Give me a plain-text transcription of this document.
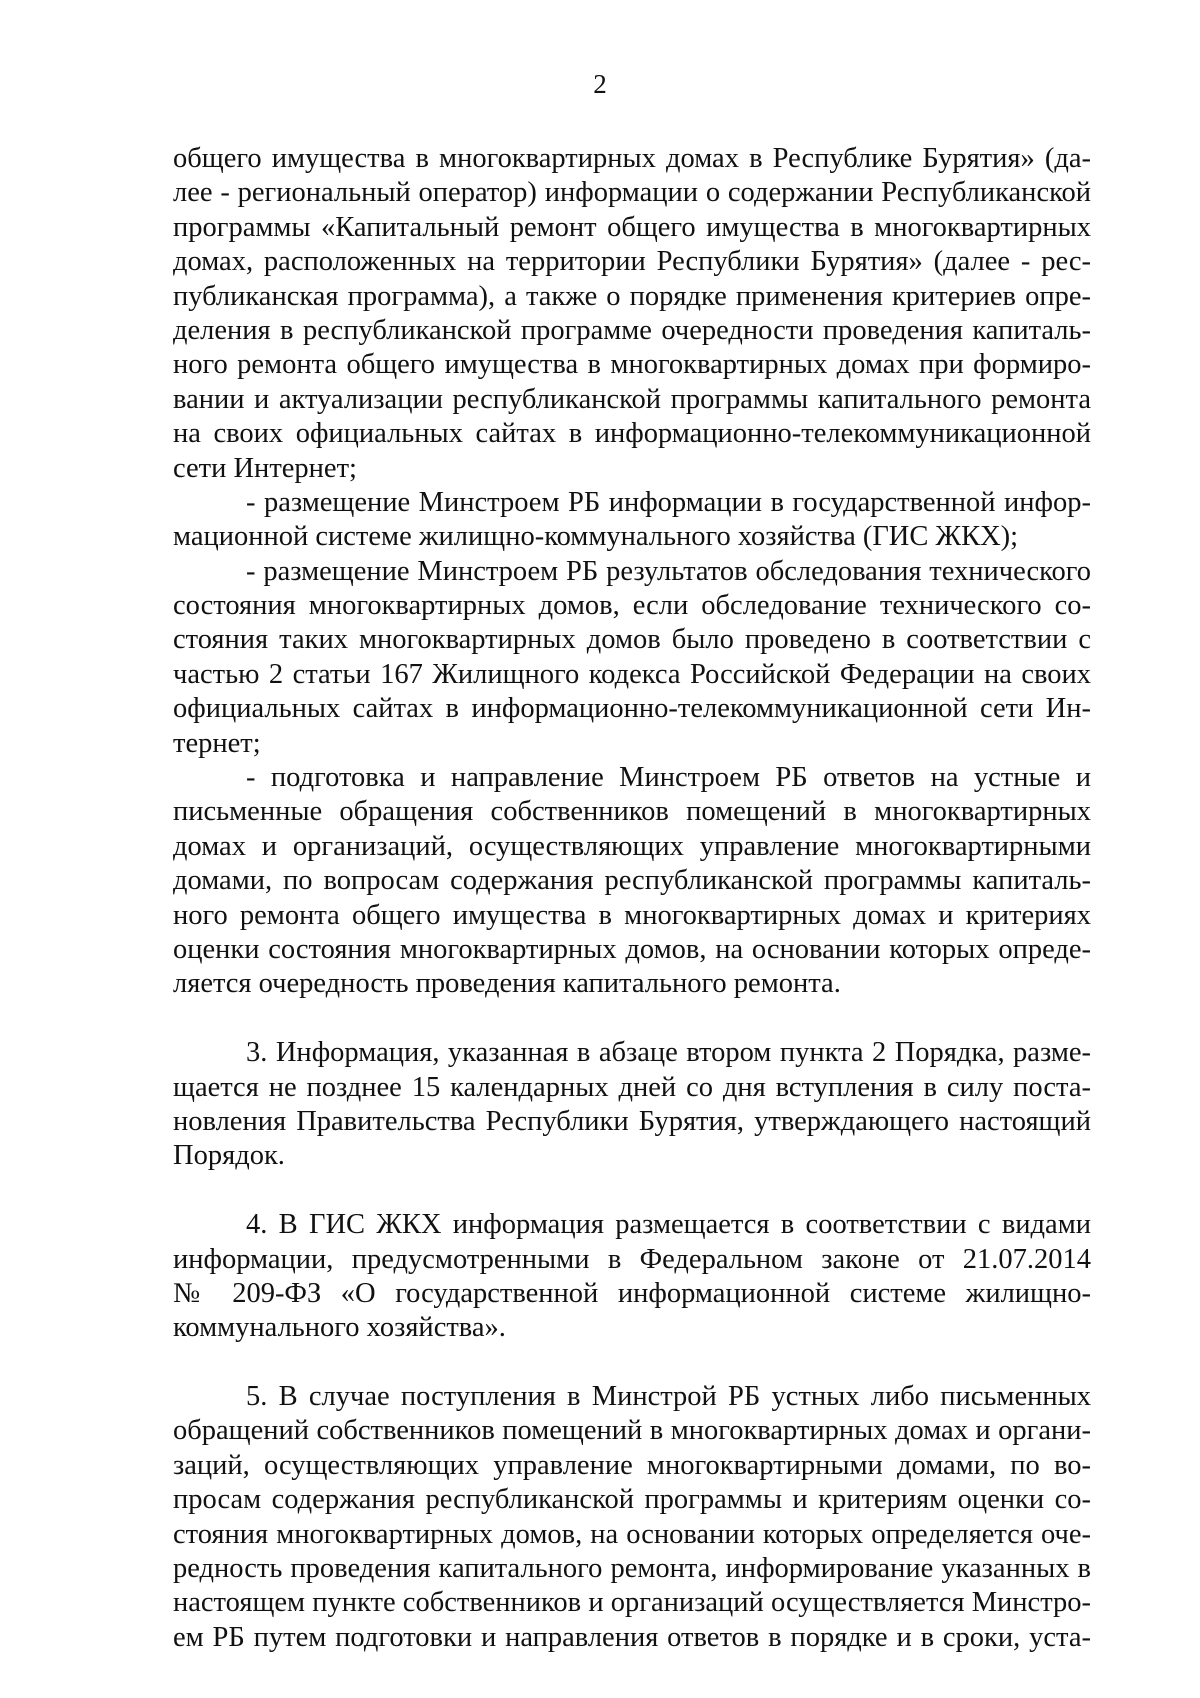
2
общего имущества в многоквартирных домах в Республике Бурятия» (да-
лее - региональный оператор) информации о содержании Республиканской
программы «Капитальный ремонт общего имущества в многоквартирных
домах, расположенных на территории Республики Бурятия» (далее - рес-
публиканская программа), а также о порядке применения критериев опре-
деления в республиканской программе очередности проведения капиталь-
ного ремонта общего имущества в многоквартирных домах при формиро-
вании и актуализации республиканской программы капитального ремонта
на своих официальных сайтах в информационно-телекоммуникационной
сети Интернет;
- размещение Минстроем РБ информации в государственной инфор-
мационной системе жилищно-коммунального хозяйства (ГИС ЖКХ);
- размещение Минстроем РБ результатов обследования технического
состояния многоквартирных домов, если обследование технического со-
стояния таких многоквартирных домов было проведено в соответствии с
частью 2 статьи 167 Жилищного кодекса Российской Федерации на своих
официальных сайтах в информационно-телекоммуникационной сети Ин-
тернет;
- подготовка и направление Минстроем РБ ответов на устные и
письменные обращения собственников помещений в многоквартирных
домах и организаций, осуществляющих управление многоквартирными
домами, по вопросам содержания республиканской программы капиталь-
ного ремонта общего имущества в многоквартирных домах и критериях
оценки состояния многоквартирных домов, на основании которых опреде-
ляется очередность проведения капитального ремонта.
3. Информация, указанная в абзаце втором пункта 2 Порядка, разме-
щается не позднее 15 календарных дней со дня вступления в силу поста-
новления Правительства Республики Бурятия, утверждающего настоящий
Порядок.
4. В ГИС ЖКХ информация размещается в соответствии с видами
информации, предусмотренными в Федеральном законе от 21.07.2014
№ 209-ФЗ «О государственной информационной системе жилищно-
коммунального хозяйства».
5. В случае поступления в Минстрой РБ устных либо письменных
обращений собственников помещений в многоквартирных домах и органи-
заций, осуществляющих управление многоквартирными домами, по во-
просам содержания республиканской программы и критериям оценки со-
стояния многоквартирных домов, на основании которых определяется оче-
редность проведения капитального ремонта, информирование указанных в
настоящем пункте собственников и организаций осуществляется Минстро-
ем РБ путем подготовки и направления ответов в порядке и в сроки, уста-
